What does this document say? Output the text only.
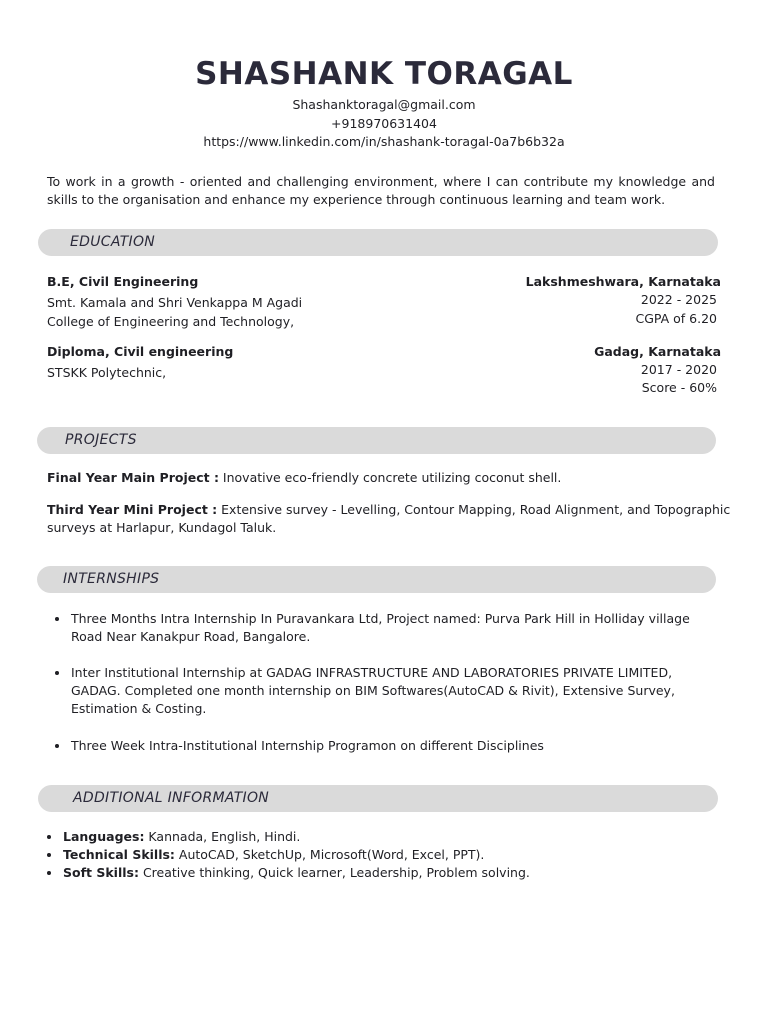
SHASHANK TORAGAL
Shashanktoragal@gmail.com
+918970631404
https://www.linkedin.com/in/shashank-toragal-0a7b6b32a
To work in a growth - oriented and challenging environment, where I can contribute my knowledge and skills to the organisation and enhance my experience through continuous learning and team work.
EDUCATION
B.E, Civil Engineering
Smt. Kamala and Shri Venkappa M Agadi
College of Engineering and Technology,
Lakshmeshwara, Karnataka
2022 - 2025
CGPA of 6.20
Diploma, Civil engineering
STSKK Polytechnic,
Gadag, Karnataka
2017 - 2020
Score - 60%
PROJECTS
Final Year Main Project : Inovative eco-friendly concrete utilizing coconut shell.
Third Year Mini Project : Extensive survey - Levelling, Contour Mapping, Road Alignment, and Topographic
surveys at Harlapur, Kundagol Taluk.
INTERNSHIPS
Three Months Intra Internship In Puravankara Ltd, Project named: Purva Park Hill in Holliday village
Road Near Kanakpur Road, Bangalore.
Inter Institutional Internship at GADAG INFRASTRUCTURE AND LABORATORIES PRIVATE LIMITED,
GADAG. Completed one month internship on BIM Softwares(AutoCAD & Rivit), Extensive Survey,
Estimation & Costing.
Three Week Intra-Institutional Internship Programon on different Disciplines
ADDITIONAL INFORMATION
Languages: Kannada, English, Hindi.
Technical Skills: AutoCAD, SketchUp, Microsoft(Word, Excel, PPT).
Soft Skills: Creative thinking, Quick learner, Leadership, Problem solving.
